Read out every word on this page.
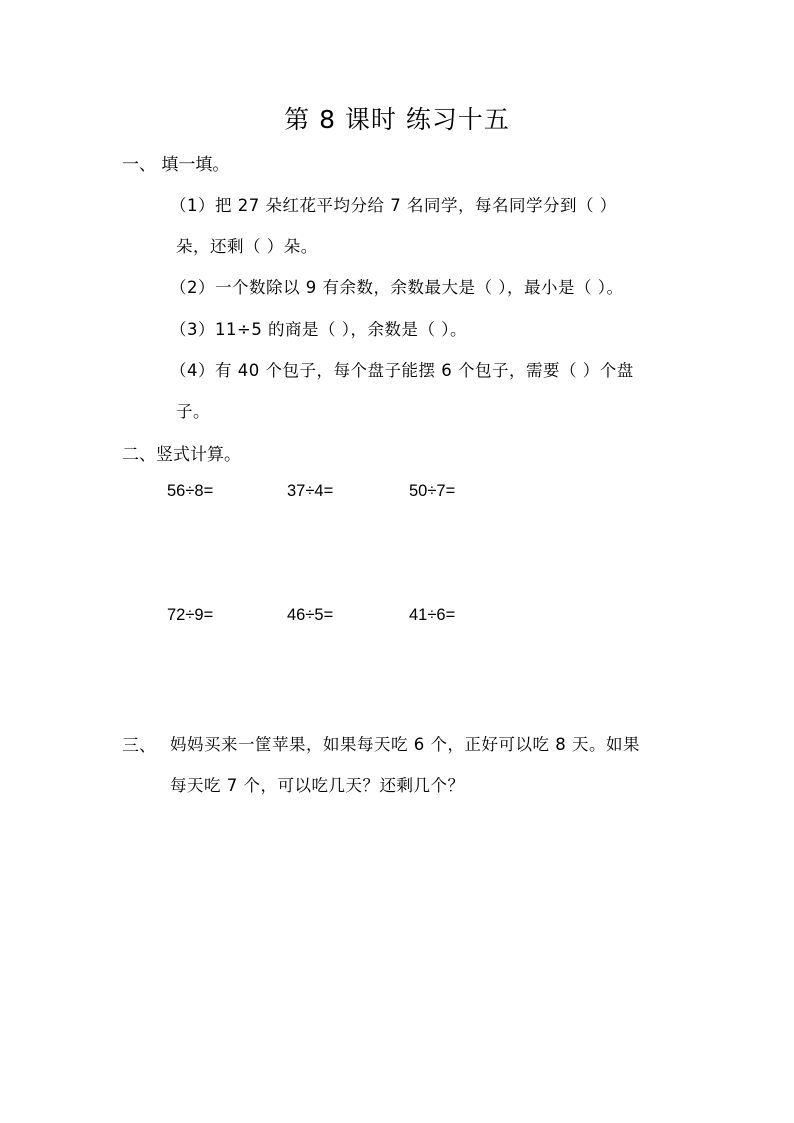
第 8 课时 练习十五
一、 填一填。
（1）把 27 朵红花平均分给 7 名同学，每名同学分到（ ）
朵，还剩（ ）朵。
（2）一个数除以 9 有余数，余数最大是（ ），最小是（ ）。
（3）11÷5 的商是（ ），余数是（ ）。
（4）有 40 个包子，每个盘子能摆 6 个包子，需要（ ）个盘
子。
二、竖式计算。
56÷8=	37÷4=	50÷7=
72÷9=	46÷5=	41÷6=
三、 妈妈买来一筐苹果，如果每天吃 6 个，正好可以吃 8 天。如果
每天吃 7 个，可以吃几天？还剩几个？
